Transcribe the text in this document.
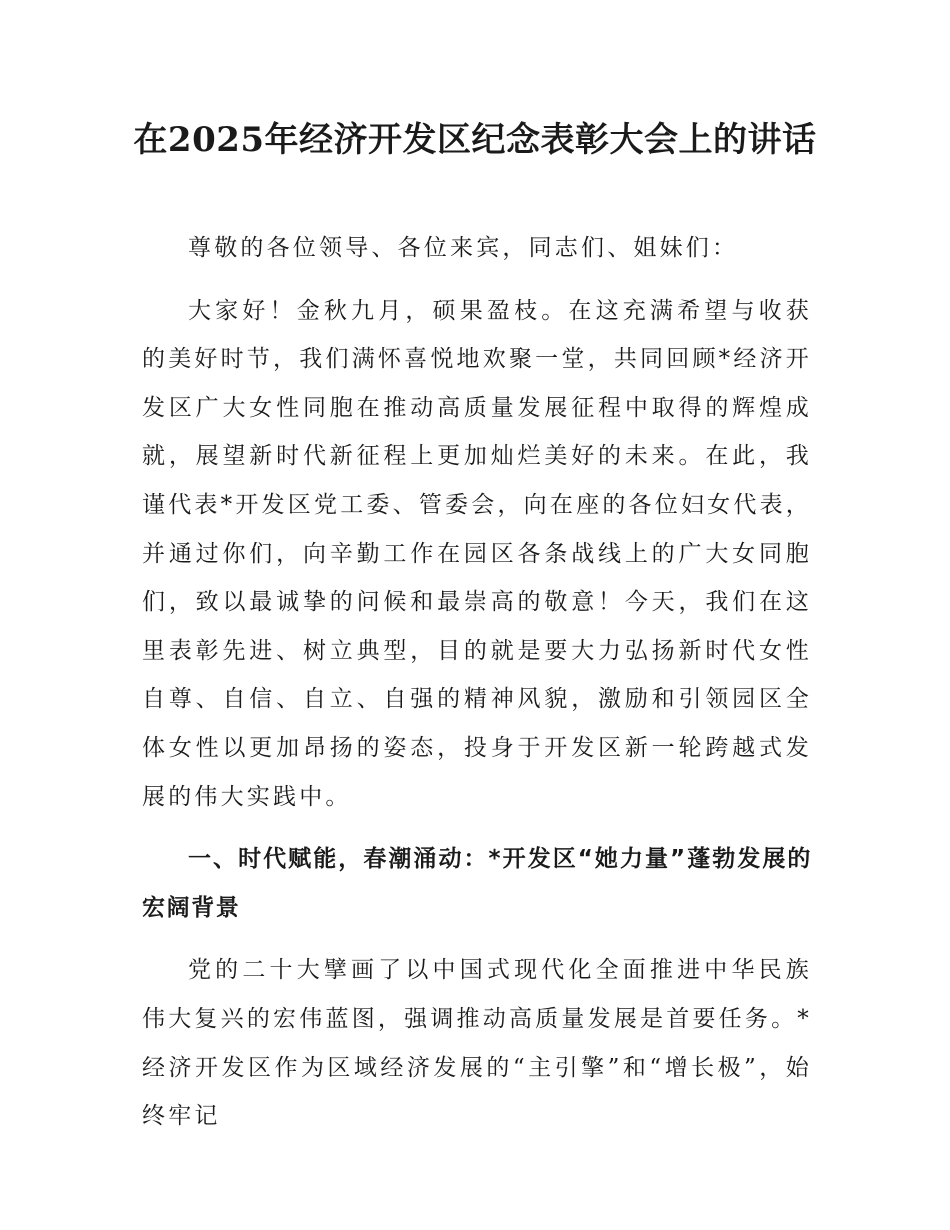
在2025年经济开发区纪念表彰大会上的讲话

尊敬的各位领导、各位来宾，同志们、姐妹们：

大家好！金秋九月，硕果盈枝。在这充满希望与收获的美好时节，我们满怀喜悦地欢聚一堂，共同回顾*经济开发区广大女性同胞在推动高质量发展征程中取得的辉煌成就，展望新时代新征程上更加灿烂美好的未来。在此，我谨代表*开发区党工委、管委会，向在座的各位妇女代表，并通过你们，向辛勤工作在园区各条战线上的广大女同胞们，致以最诚挚的问候和最崇高的敬意！今天，我们在这里表彰先进、树立典型，目的就是要大力弘扬新时代女性自尊、自信、自立、自强的精神风貌，激励和引领园区全体女性以更加昂扬的姿态，投身于开发区新一轮跨越式发展的伟大实践中。

一、时代赋能，春潮涌动：*开发区“她力量”蓬勃发展的宏阔背景

党的二十大擘画了以中国式现代化全面推进中华民族伟大复兴的宏伟蓝图，强调推动高质量发展是首要任务。*经济开发区作为区域经济发展的“主引擎”和“增长极”，始终牢记
